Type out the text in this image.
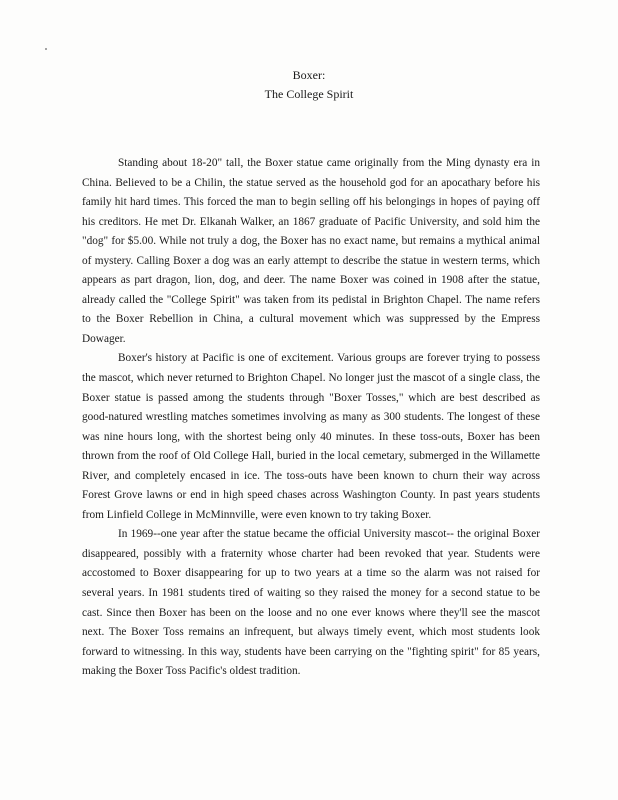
Boxer:
The College Spirit

Standing about 18-20" tall, the Boxer statue came originally from the Ming dynasty era in China. Believed to be a Chilin, the statue served as the household god for an apocathary before his family hit hard times. This forced the man to begin selling off his belongings in hopes of paying off his creditors. He met Dr. Elkanah Walker, an 1867 graduate of Pacific University, and sold him the "dog" for $5.00. While not truly a dog, the Boxer has no exact name, but remains a mythical animal of mystery. Calling Boxer a dog was an early attempt to describe the statue in western terms, which appears as part dragon, lion, dog, and deer. The name Boxer was coined in 1908 after the statue, already called the "College Spirit" was taken from its pedistal in Brighton Chapel. The name refers to the Boxer Rebellion in China, a cultural movement which was suppressed by the Empress Dowager.

Boxer's history at Pacific is one of excitement. Various groups are forever trying to possess the mascot, which never returned to Brighton Chapel. No longer just the mascot of a single class, the Boxer statue is passed among the students through "Boxer Tosses," which are best described as good-natured wrestling matches sometimes involving as many as 300 students. The longest of these was nine hours long, with the shortest being only 40 minutes. In these toss-outs, Boxer has been thrown from the roof of Old College Hall, buried in the local cemetary, submerged in the Willamette River, and completely encased in ice. The toss-outs have been known to churn their way across Forest Grove lawns or end in high speed chases across Washington County. In past years students from Linfield College in McMinnville, were even known to try taking Boxer.

In 1969--one year after the statue became the official University mascot-- the original Boxer disappeared, possibly with a fraternity whose charter had been revoked that year. Students were accostomed to Boxer disappearing for up to two years at a time so the alarm was not raised for several years. In 1981 students tired of waiting so they raised the money for a second statue to be cast. Since then Boxer has been on the loose and no one ever knows where they'll see the mascot next. The Boxer Toss remains an infrequent, but always timely event, which most students look forward to witnessing. In this way, students have been carrying on the "fighting spirit" for 85 years, making the Boxer Toss Pacific's oldest tradition.
